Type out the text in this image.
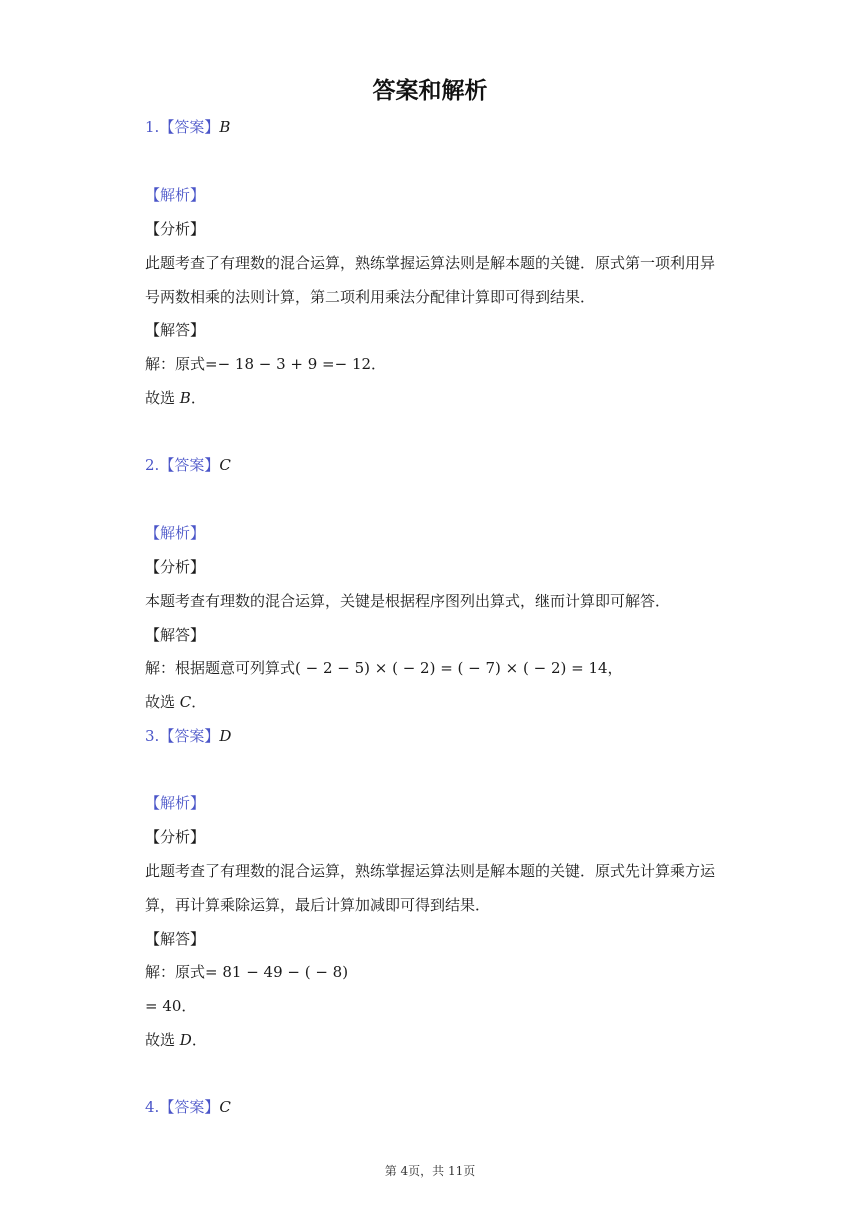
答案和解析
1.【答案】B
【解析】
【分析】
此题考查了有理数的混合运算，熟练掌握运算法则是解本题的关键．原式第一项利用异
号两数相乘的法则计算，第二项利用乘法分配律计算即可得到结果．
【解答】
解：原式=− 18 − 3 + 9 =− 12．
故选 B．
2.【答案】C
【解析】
【分析】
本题考查有理数的混合运算，关键是根据程序图列出算式，继而计算即可解答．
【解答】
解：根据题意可列算式( − 2 − 5) × ( − 2) = ( − 7) × ( − 2) = 14，
故选 C．
3.【答案】D
【解析】
【分析】
此题考查了有理数的混合运算，熟练掌握运算法则是解本题的关键．原式先计算乘方运
算，再计算乘除运算，最后计算加减即可得到结果．
【解答】
解：原式= 81 − 49 − ( − 8)
= 40．
故选 D．
4.【答案】C
第 4页，共 11页
